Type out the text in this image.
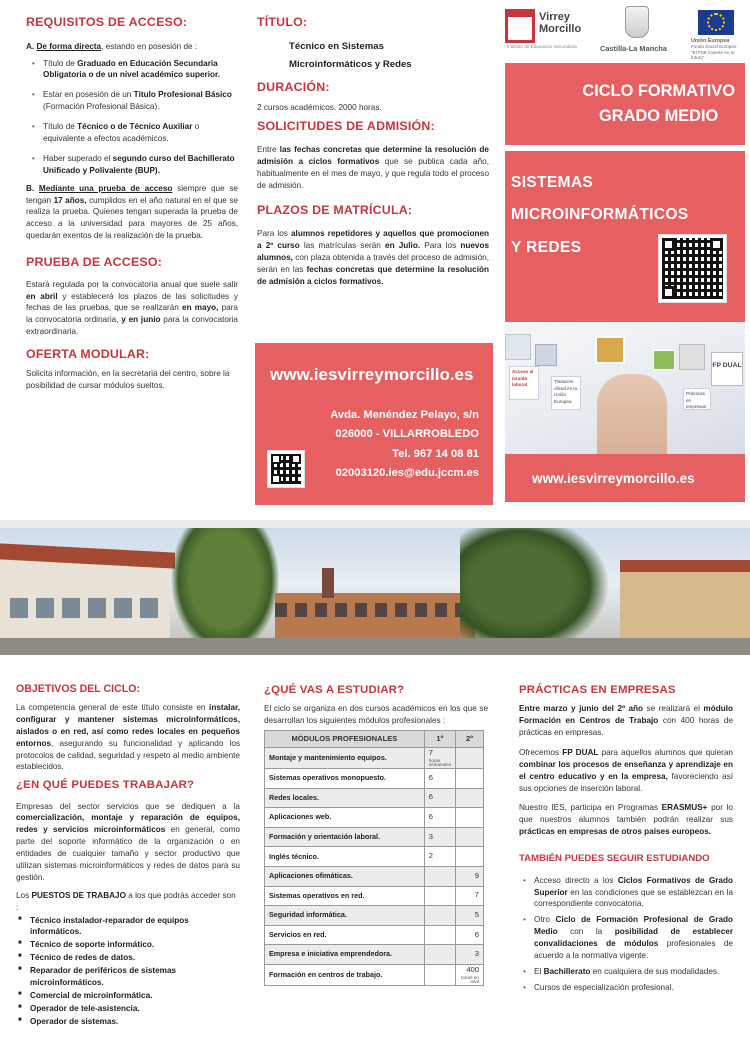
REQUISITOS DE ACCESO:

A. De forma directa, estando en posesión de :

• Título de Graduado en Educación Secundaria Obligatoria o de un nivel académico superior.
• Estar en posesión de un Título Profesional Básico (Formación Profesional Básica).
• Título de Técnico o de Técnico Auxiliar o equivalente a efectos académicos.
• Haber superado el segundo curso del Bachillerato Unificado y Polivalente (BUP).

B. Mediante una prueba de acceso siempre que se tengan 17 años, cumplidos en el año natural en el que se realiza la prueba. Quienes tengan superada la prueba de acceso a la universidad para mayores de 25 años, quedarán exentos de la realización de la prueba.

PRUEBA DE ACCESO:

Estará regulada por la convocatoria anual que suele salir en abril y establecerá los plazos de las solicitudes y fechas de las pruebas, que se realizarán en mayo, para la convocatoria ordinaria, y en junio para la convocatoria extraordinaria.

OFERTA MODULAR:

Solicita información, en la secretaria del centro, sobre la posibilidad de cursar módulos sueltos.

TÍTULO:
Técnico en Sistemas
Microinformáticos y Redes
DURACIÓN:

2 cursos académicos. 2000 horas.

SOLICITUDES DE ADMISIÓN:

Entre las fechas concretas que determine la resolución de admisión a ciclos formativos que se publica cada año, habitualmente en el mes de mayo, y que regula todo el proceso de admisión.

PLAZOS DE MATRÍCULA:

Para los alumnos repetidores y aquellos que promocionen a 2º curso las matrículas serán en Julio. Para los nuevos alumnos, con plaza obtenida a través del proceso de admisión, serán en las fechas concretas que determine la resolución de admisión a ciclos formativos.

www.iesvirreymorcillo.es
Avda. Menéndez Pelayo, s/n
026000 - VILLARROBLEDO
Tel. 967 14 08 81
02003120.ies@edu.jccm.es
Virrey
Morcillo
Instituto de Educación Secundaria	Castilla-La Mancha
Unión Europea
Fondo Social Europeo
"El FSE invierte en tu futuro"
CICLO FORMATIVO
GRADO MEDIO
SISTEMAS
MICROINFORMÁTICOS
Y REDES
FP DUAL
Acceso al mundo laboral
Titulación oficial en la Unión Europea
Prácticas en empresas
www.iesvirreymorcillo.es
OBJETIVOS DEL CICLO:

La competencia general de este título consiste en instalar, configurar y mantener sistemas microinformáticos, aislados o en red, así como redes locales en pequeños entornos, asegurando su funcionalidad y aplicando los protocolos de calidad, seguridad y respeto al medio ambiente establecidos.

¿EN QUÉ PUEDES TRABAJAR?

Empresas del sector servicios que se dediquen a la comercialización, montaje y reparación de equipos, redes y servicios microinformáticos en general, como parte del soporte informático de la organización o en entidades de cualquier tamaño y sector productivo que utilizan sistemas microinformáticos y redes de datos para su gestión.

Los PUESTOS DE TRABAJO a los que podrás acceder son :

■ Técnico instalador-reparador de equipos informáticos.
■ Técnico de soporte informático.
■ Técnico de redes de datos.
■ Reparador de periféricos de sistemas microinformáticos.
■ Comercial de microinformática.
■ Operador de tele-asistencia.
■ Operador de sistemas.
¿QUÉ VAS A ESTUDIAR?

El ciclo se organiza en dos cursos académicos en los que se desarrollan los siguientes módulos profesionales :

MÓDULOS PROFESIONALES	1º	2º
Montaje y mantenimiento equipos.	7
horas semanales	

Sistemas operativos monopuesto.	6	
Redes locales.	6	
Aplicaciones web.	6	
Formación y orientación laboral.	3	
Inglés técnico.	2	
Aplicaciones ofimáticas.		9
Sistemas operativos en red.		7
Seguridad informática.		5
Servicios en red.		6
Empresa e iniciativa emprendedora.		3
Formación en centros de trabajo.		400
horas en total
PRÁCTICAS EN EMPRESAS

Entre marzo y junio del 2º año se realizará el módulo Formación en Centros de Trabajo con 400 horas de prácticas en empresas.

Ofrecemos FP DUAL para aquellos alumnos que quieran combinar los procesos de enseñanza y aprendizaje en el centro educativo y en la empresa, favoreciendo así sus opciones de inserción laboral.

Nuestro IES, participa en Programas ERASMUS+ por lo que nuestros alumnos también podrán realizar sus prácticas en empresas de otros países europeos.

TAMBIÉN PUEDES SEGUIR ESTUDIANDO
• Acceso directo a los Ciclos Formativos de Grado Superior en las condiciones que se establezcan en la correspondiente convocatoria.
• Otro Ciclo de Formación Profesional de Grado Medio con la posibilidad de establecer convalidaciones de módulos profesionales de acuerdo a la normativa vigente.
• El Bachillerato en cualquiera de sus modalidades.
• Cursos de especialización profesional.
